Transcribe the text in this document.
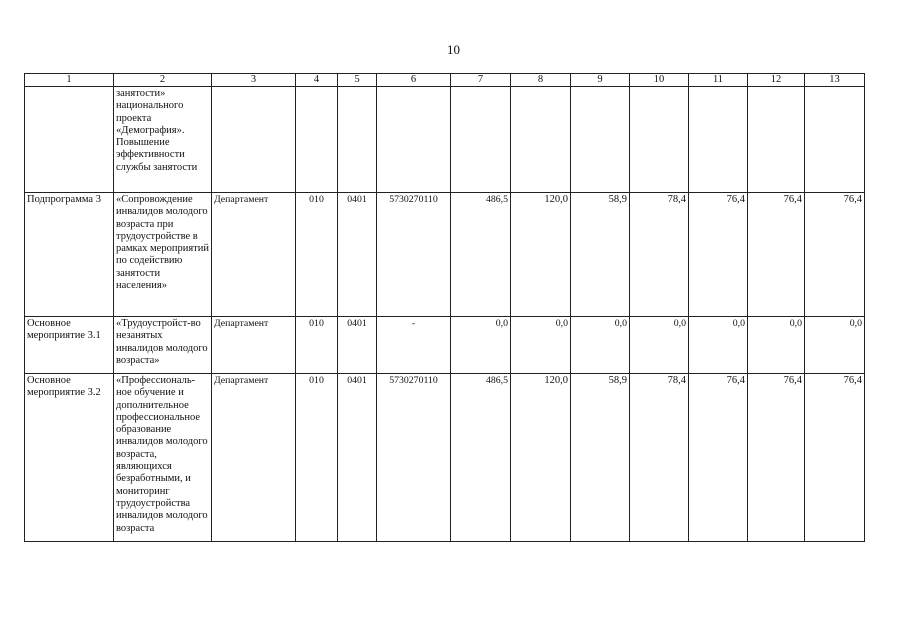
10
1	2	3	4	5	6	7	8	9	10	11	12	13
	занятости» национального проекта «Демография». Повышение эффективности службы занятости											
Подпрограмма 3	«Сопровождение инвалидов молодого возраста при трудоустройстве в рамках мероприятий по содействию занятости населения»	Департамент	010	0401	5730270110	486,5	120,0	58,9	78,4	76,4	76,4	76,4
Основное мероприятие 3.1	«Трудоустройст-во незанятых инвалидов молодого возраста»	Департамент	010	0401	-	0,0	0,0	0,0	0,0	0,0	0,0	0,0
Основное мероприятие 3.2	«Профессиональ-ное обучение и дополнительное профессиональное образование инвалидов молодого возраста, являющихся безработными, и мониторинг трудоустройства инвалидов молодого возраста	Департамент	010	0401	5730270110	486,5	120,0	58,9	78,4	76,4	76,4	76,4
